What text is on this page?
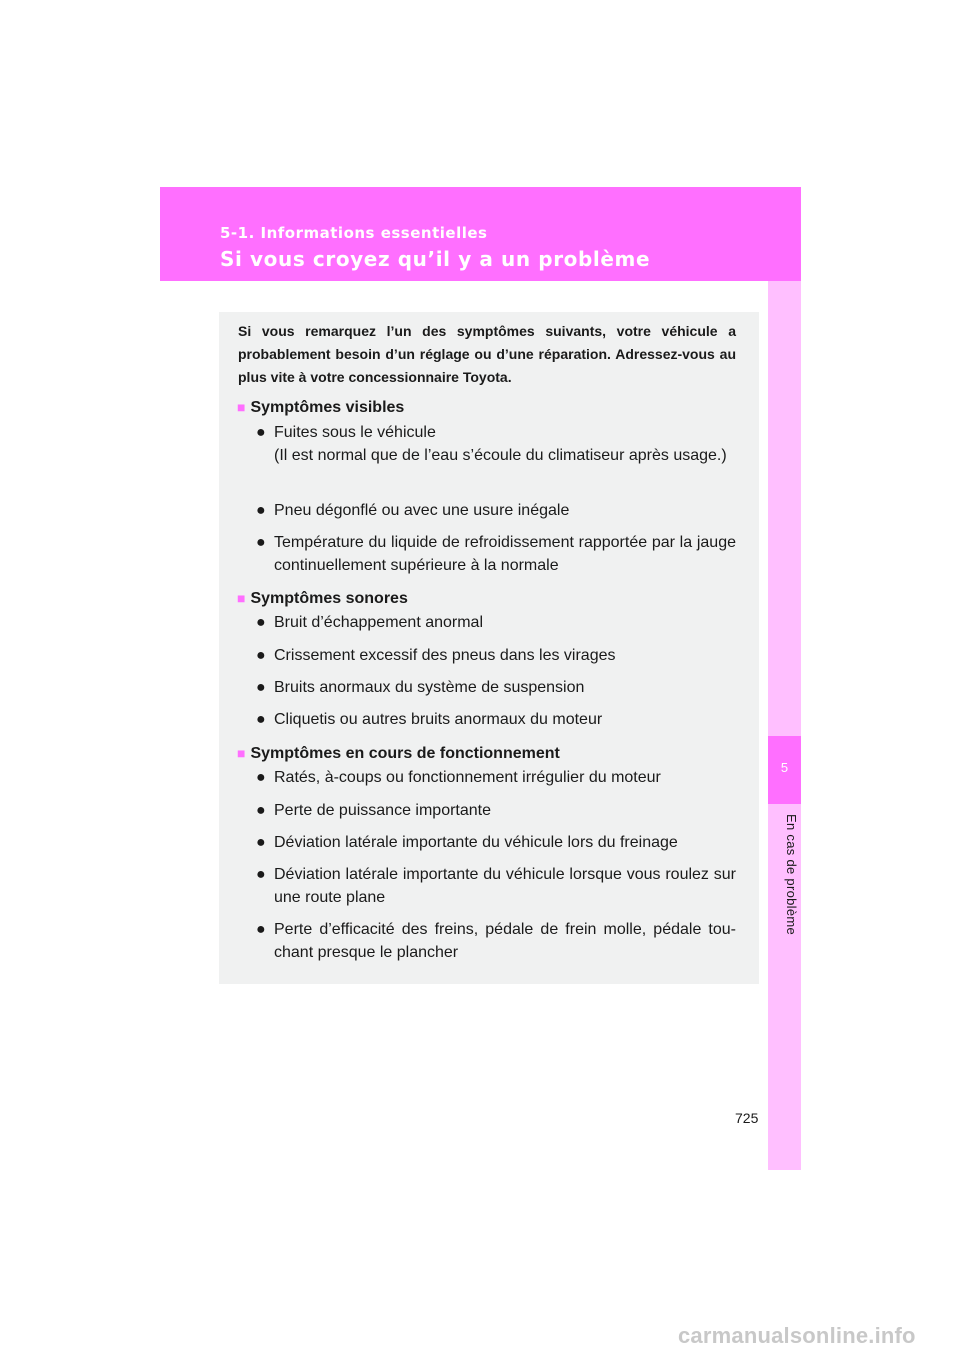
5-1. Informations essentielles
Si vous croyez qu’il y a un problème
5
En cas de problème
Si vous remarquez l’un des symptômes suivants, votre véhicule a probablement besoin d’un réglage ou d’une réparation. Adressez-vous au plus vite à votre concessionnaire Toyota.
■ Symptômes visibles
● Fuites sous le véhicule
(Il est normal que de l’eau s’écoule du climatiseur après usage.)
● Pneu dégonflé ou avec une usure inégale
● Température du liquide de refroidissement rapportée par la jauge continuellement supérieure à la normale
■ Symptômes sonores
● Bruit d’échappement anormal
● Crissement excessif des pneus dans les virages
● Bruits anormaux du système de suspension
● Cliquetis ou autres bruits anormaux du moteur
■ Symptômes en cours de fonctionnement
● Ratés, à-coups ou fonctionnement irrégulier du moteur
● Perte de puissance importante
● Déviation latérale importante du véhicule lors du freinage
● Déviation latérale importante du véhicule lorsque vous roulez sur une route plane
● Perte d’efficacité des freins, pédale de frein molle, pédale tou-chant presque le plancher
725
carmanualsonline.info
